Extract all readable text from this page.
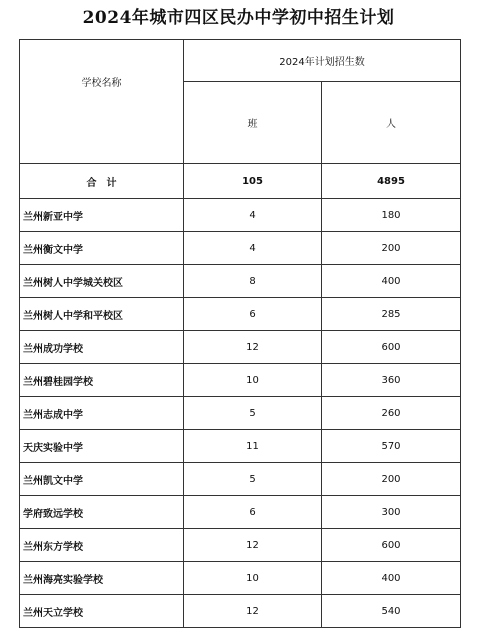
2024年城市四区民办中学初中招生计划
学校名称	2024年计划招生数	
	班	人
合　计	105	4895
兰州新亚中学	4	180
兰州衡文中学	4	200
兰州树人中学城关校区	8	400
兰州树人中学和平校区	6	285
兰州成功学校	12	600
兰州碧桂园学校	10	360
兰州志成中学	5	260
天庆实验中学	11	570
兰州凯文中学	5	200
学府致远学校	6	300
兰州东方学校	12	600
兰州海亮实验学校	10	400
兰州天立学校	12	540
